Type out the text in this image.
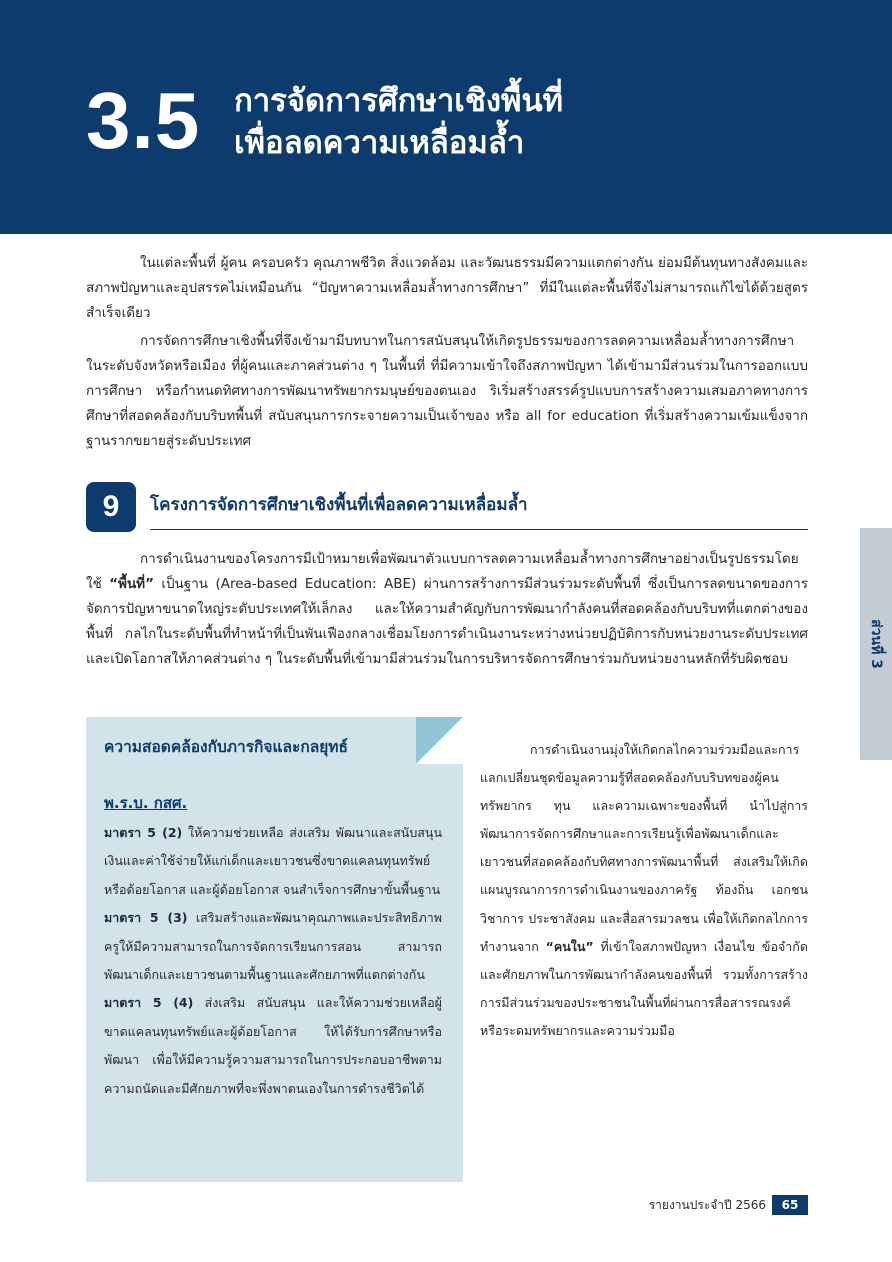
3.5 การจัดการศึกษาเชิงพื้นที่
เพื่อลดความเหลื่อมล้ำ

ในแต่ละพื้นที่ ผู้คน ครอบครัว คุณภาพชีวิต สิ่งแวดล้อม และวัฒนธรรมมีความแตกต่างกัน ย่อมมีต้นทุนทางสังคมและสภาพปัญหาและอุปสรรคไม่เหมือนกัน “ปัญหาความเหลื่อมล้ำทางการศึกษา” ที่มีในแต่ละพื้นที่จึงไม่สามารถแก้ไขได้ด้วยสูตรสำเร็จเดียว

การจัดการศึกษาเชิงพื้นที่จึงเข้ามามีบทบาทในการสนับสนุนให้เกิดรูปธรรมของการลดความเหลื่อมล้ำทางการศึกษาในระดับจังหวัดหรือเมือง ที่ผู้คนและภาคส่วนต่าง ๆ ในพื้นที่ ที่มีความเข้าใจถึงสภาพปัญหา ได้เข้ามามีส่วนร่วมในการออกแบบการศึกษา หรือกำหนดทิศทางการพัฒนาทรัพยากรมนุษย์ของตนเอง ริเริ่มสร้างสรรค์รูปแบบการสร้างความเสมอภาคทางการศึกษาที่สอดคล้องกับบริบทพื้นที่ สนับสนุนการกระจายความเป็นเจ้าของ หรือ all for education ที่เริ่มสร้างความเข้มแข็งจากฐานรากขยายสู่ระดับประเทศ

9	โครงการจัดการศึกษาเชิงพื้นที่เพื่อลดความเหลื่อมล้ำ

การดำเนินงานของโครงการมีเป้าหมายเพื่อพัฒนาตัวแบบการลดความเหลื่อมล้ำทางการศึกษาอย่างเป็นรูปธรรมโดยใช้ “พื้นที่” เป็นฐาน (Area-based Education: ABE) ผ่านการสร้างการมีส่วนร่วมระดับพื้นที่ ซึ่งเป็นการลดขนาดของการจัดการปัญหาขนาดใหญ่ระดับประเทศให้เล็กลง และให้ความสำคัญกับการพัฒนากำลังคนที่สอดคล้องกับบริบทที่แตกต่างของพื้นที่ กลไกในระดับพื้นที่ทำหน้าที่เป็นพันเฟืองกลางเชื่อมโยงการดำเนินงานระหว่างหน่วยปฏิบัติการกับหน่วยงานระดับประเทศ และเปิดโอกาสให้ภาคส่วนต่าง ๆ ในระดับพื้นที่เข้ามามีส่วนร่วมในการบริหารจัดการศึกษาร่วมกับหน่วยงานหลักที่รับผิดชอบ	ส่วนที่ 3
ความสอดคล้องกับภารกิจและกลยุทธ์
พ.ร.บ. กสศ.

มาตรา 5 (2) ให้ความช่วยเหลือ ส่งเสริม พัฒนาและสนับสนุนเงินและค่าใช้จ่ายให้แก่เด็กและเยาวชนซึ่งขาดแคลนทุนทรัพย์หรือด้อยโอกาส และผู้ด้อยโอกาส จนสำเร็จการศึกษาขั้นพื้นฐาน

มาตรา 5 (3) เสริมสร้างและพัฒนาคุณภาพและประสิทธิภาพครูให้มีความสามารถในการจัดการเรียนการสอน สามารถพัฒนาเด็กและเยาวชนตามพื้นฐานและศักยภาพที่แตกต่างกัน

มาตรา 5 (4) ส่งเสริม สนับสนุน และให้ความช่วยเหลือผู้ขาดแคลนทุนทรัพย์และผู้ด้อยโอกาส ให้ได้รับการศึกษาหรือพัฒนา เพื่อให้มีความรู้ความสามารถในการประกอบอาชีพตามความถนัดและมีศักยภาพที่จะพึ่งพาตนเองในการดำรงชีวิตได้

การดำเนินงานมุ่งให้เกิดกลไกความร่วมมือและการแลกเปลี่ยนชุดข้อมูลความรู้ที่สอดคล้องกับบริบทของผู้คน ทรัพยากร ทุน และความเฉพาะของพื้นที่ นำไปสู่การพัฒนาการจัดการศึกษาและการเรียนรู้เพื่อพัฒนาเด็กและเยาวชนที่สอดคล้องกับทิศทางการพัฒนาพื้นที่ ส่งเสริมให้เกิดแผนบูรณาการการดำเนินงานของภาครัฐ ท้องถิ่น เอกชน วิชาการ ประชาสังคม และสื่อสารมวลชน เพื่อให้เกิดกลไกการทำงานจาก “คนใน” ที่เข้าใจสภาพปัญหา เงื่อนไข ข้อจำกัด และศักยภาพในการพัฒนากำลังคนของพื้นที่ รวมทั้งการสร้างการมีส่วนร่วมของประชาชนในพื้นที่ผ่านการสื่อสารรณรงค์หรือระดมทรัพยากรและความร่วมมือ

รายงานประจำปี 2566	65
